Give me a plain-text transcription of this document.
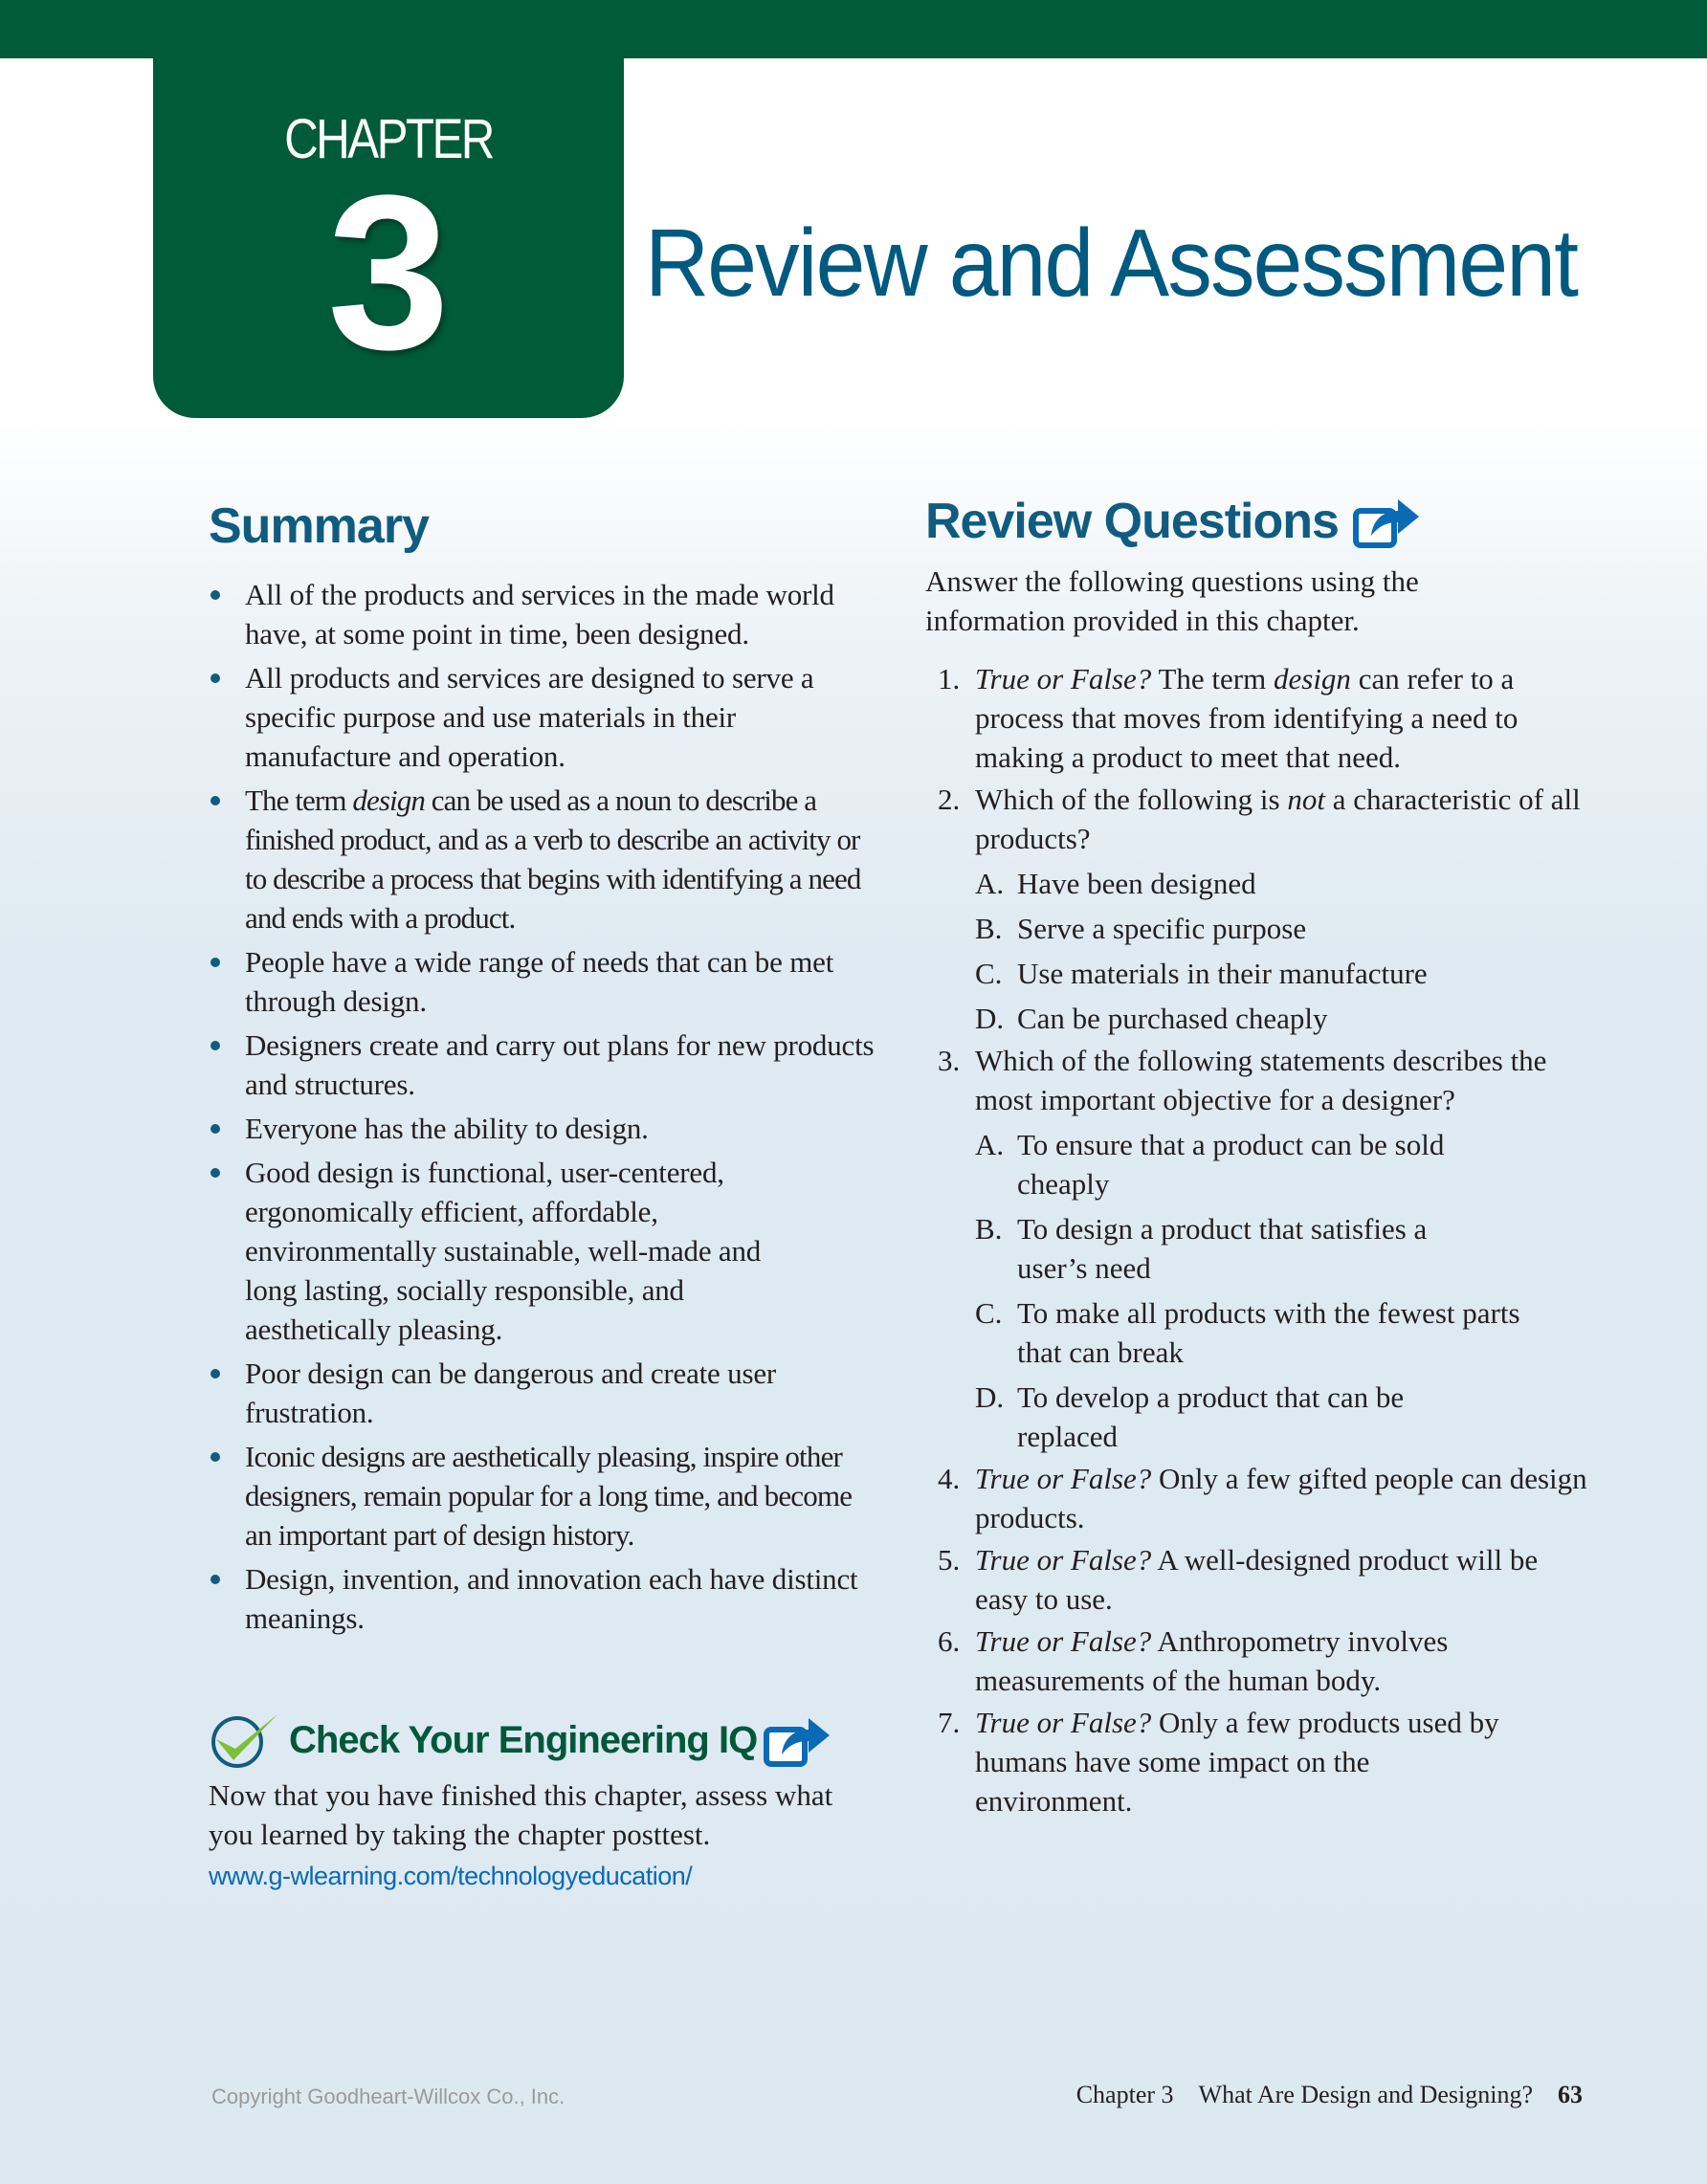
CHAPTER
3	Review and Assessment
Summary
All of the products and services in the made world have, at some point in time, been designed.
All products and services are designed to serve a specific purpose and use materials in their manufacture and operation.
The term design can be used as a noun to describe a finished product, and as a verb to describe an activity or to describe a process that begins with identifying a need and ends with a product.
People have a wide range of needs that can be met through design.
Designers create and carry out plans for new products and structures.
Everyone has the ability to design.
Good design is functional, user-centered, ergonomically efficient, affordable, environmentally sustainable, well-made and long lasting, socially responsible, and aesthetically pleasing.
Poor design can be dangerous and create user frustration.
Iconic designs are aesthetically pleasing, inspire other designers, remain popular for a long time, and become an important part of design history.
Design, invention, and innovation each have distinct meanings.
Check Your Engineering IQ
Now that you have finished this chapter, assess what you learned by taking the chapter posttest.
www.g-wlearning.com/technologyeducation/
Review Questions
Answer the following questions using the information provided in this chapter.
1. True or False? The term design can refer to a process that moves from identifying a need to making a product to meet that need.
2. Which of the following is not a characteristic of all products?
A. Have been designed
B. Serve a specific purpose
C. Use materials in their manufacture
D. Can be purchased cheaply
3. Which of the following statements describes the most important objective for a designer?
A. To ensure that a product can be sold cheaply
B. To design a product that satisfies a user’s need
C. To make all products with the fewest parts that can break
D. To develop a product that can be replaced
4. True or False? Only a few gifted people can design products.
5. True or False? A well-designed product will be easy to use.
6. True or False? Anthropometry involves measurements of the human body.
7. True or False? Only a few products used by humans have some impact on the environment.
Copyright Goodheart-Willcox Co., Inc.	Chapter 3 What Are Design and Designing? 63
